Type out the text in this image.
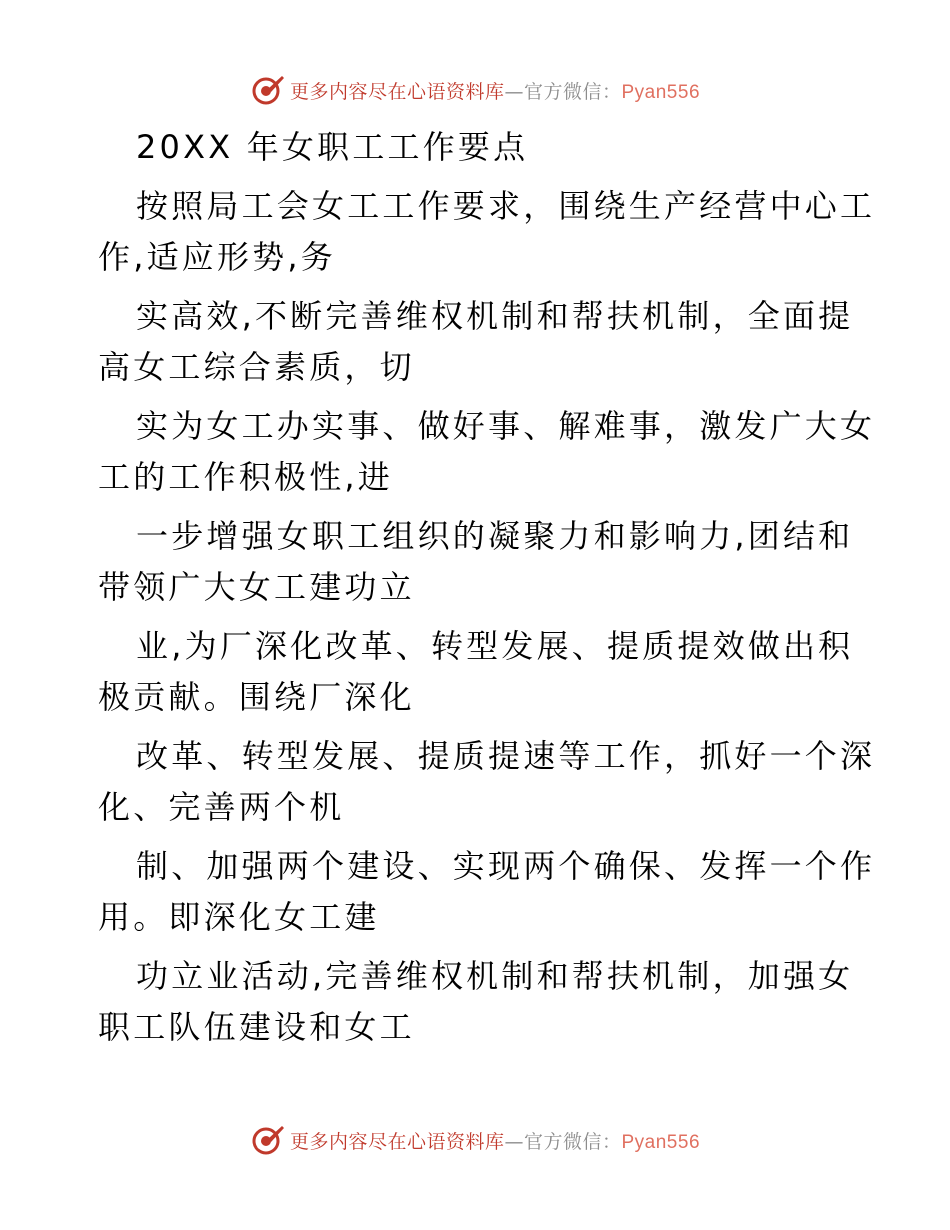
更多内容尽在心语资料库—官方微信：Pyan556
20XX 年女职工工作要点
按照局工会女工工作要求，围绕生产经营中心工
作,适应形势,务
实高效,不断完善维权机制和帮扶机制，全面提
高女工综合素质，切
实为女工办实事、做好事、解难事，激发广大女
工的工作积极性,进
一步增强女职工组织的凝聚力和影响力,团结和
带领广大女工建功立
业,为厂深化改革、转型发展、提质提效做出积
极贡献。围绕厂深化
改革、转型发展、提质提速等工作，抓好一个深
化、完善两个机
制、加强两个建设、实现两个确保、发挥一个作
用。即深化女工建
功立业活动,完善维权机制和帮扶机制，加强女
职工队伍建设和女工
更多内容尽在心语资料库—官方微信：Pyan556
